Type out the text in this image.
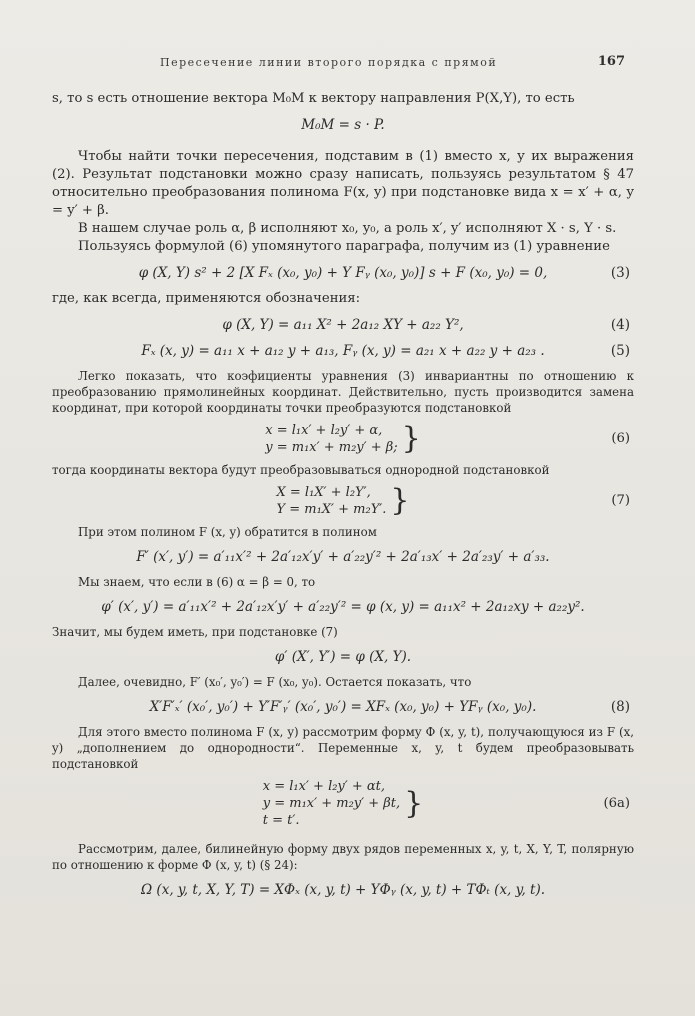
Пересечение линии второго порядка с прямой	167

s, то s есть отношение вектора M₀M к вектору направления P(X,Y), то есть

M₀M = s · P.

Чтобы найти точки пересечения, подставим в (1) вместо x, y их выражения (2). Результат подстановки можно сразу написать, пользуясь результатом § 47 относительно преобразования полинома F(x, y) при подстановке вида x = x′ + α, y = y′ + β.

В нашем случае роль α, β исполняют x₀, y₀, а роль x′, y′ исполняют X · s, Y · s.

Пользуясь формулой (6) упомянутого параграфа, получим из (1) уравнение

φ (X, Y) s² + 2 [X Fₓ (x₀, y₀) + Y Fᵧ (x₀, y₀)] s + F (x₀, y₀) = 0,	(3)

где, как всегда, применяются обозначения:

φ (X, Y) = a₁₁ X² + 2a₁₂ XY + a₂₂ Y²,	(4)
Fₓ (x, y) = a₁₁ x + a₁₂ y + a₁₃, Fᵧ (x, y) = a₂₁ x + a₂₂ y + a₂₃ .	(5)

Легко показать, что коэфициенты уравнения (3) инвариантны по отношению к преобразованию прямолинейных координат. Действительно, пусть производится замена координат, при которой координаты точки преобразуются подстановкой

x = l₁x′ + l₂y′ + α,
y = m₁x′ + m₂y′ + β; }	(6)

тогда координаты вектора будут преобразовываться однородной подстановкой

X = l₁X′ + l₂Y′,
Y = m₁X′ + m₂Y′. }	(7)

При этом полином F (x, y) обратится в полином

F′ (x′, y′) = a′₁₁x′² + 2a′₁₂x′y′ + a′₂₂y′² + 2a′₁₃x′ + 2a′₂₃y′ + a′₃₃.

Мы знаем, что если в (6) α = β = 0, то

φ′ (x′, y′) = a′₁₁x′² + 2a′₁₂x′y′ + a′₂₂y′² = φ (x, y) = a₁₁x² + 2a₁₂xy + a₂₂y².

Значит, мы будем иметь, при подстановке (7)

φ′ (X′, Y′) = φ (X, Y).

Далее, очевидно, F′ (x₀′, y₀′) = F (x₀, y₀). Остается показать, что

X′F′ₓ′ (x₀′, y₀′) + Y′F′ᵧ′ (x₀′, y₀′) = XFₓ (x₀, y₀) + YFᵧ (x₀, y₀).	(8)

Для этого вместо полинома F (x, y) рассмотрим форму Φ (x, y, t), получающуюся из F (x, y) „дополнением до однородности“. Переменные x, y, t будем преобразовывать подстановкой

x = l₁x′ + l₂y′ + αt,
y = m₁x′ + m₂y′ + βt,
t = t′.	}	(6a)

Рассмотрим, далее, билинейную форму двух рядов переменных x, y, t, X, Y, T, полярную по отношению к форме Φ (x, y, t) (§ 24):

Ω (x, y, t, X, Y, T) = XΦₓ (x, y, t) + YΦᵧ (x, y, t) + TΦₜ (x, y, t).
